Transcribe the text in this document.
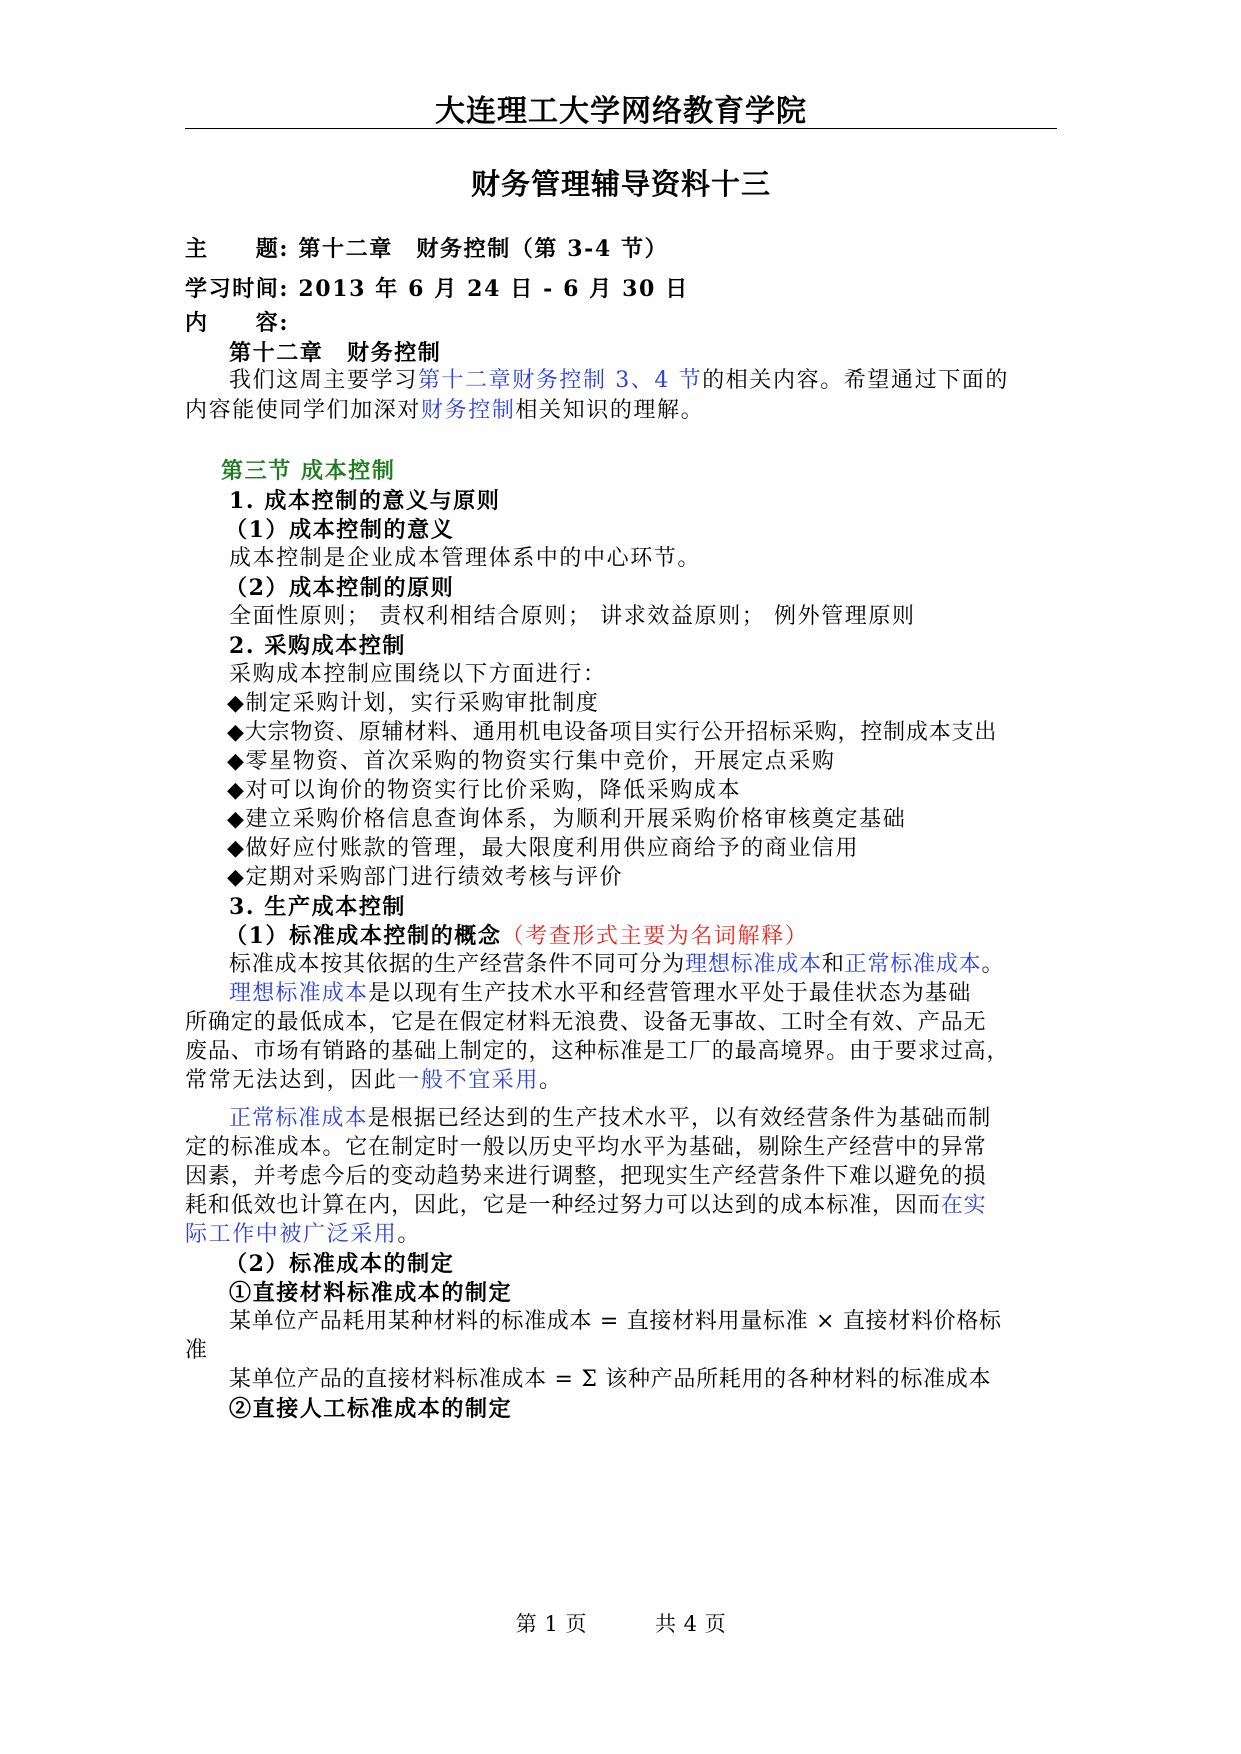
大连理工大学网络教育学院
财务管理辅导资料十三
主　　题: 第十二章　财务控制（第 3-4 节）
学习时间: 2013 年 6 月 24 日 - 6 月 30 日
内　　容:
第十二章　财务控制
我们这周主要学习第十二章财务控制 3、4 节的相关内容。希望通过下面的
内容能使同学们加深对财务控制相关知识的理解。
第三节 成本控制
1. 成本控制的意义与原则
（1）成本控制的意义
成本控制是企业成本管理体系中的中心环节。
（2）成本控制的原则
全面性原则； 责权利相结合原则； 讲求效益原则； 例外管理原则
2. 采购成本控制
采购成本控制应围绕以下方面进行：
◆制定采购计划，实行采购审批制度
◆大宗物资、原辅材料、通用机电设备项目实行公开招标采购，控制成本支出
◆零星物资、首次采购的物资实行集中竞价，开展定点采购
◆对可以询价的物资实行比价采购，降低采购成本
◆建立采购价格信息查询体系，为顺利开展采购价格审核奠定基础
◆做好应付账款的管理，最大限度利用供应商给予的商业信用
◆定期对采购部门进行绩效考核与评价
3. 生产成本控制
（1）标准成本控制的概念（考查形式主要为名词解释）
标准成本按其依据的生产经营条件不同可分为理想标准成本和正常标准成本。
理想标准成本是以现有生产技术水平和经营管理水平处于最佳状态为基础
所确定的最低成本，它是在假定材料无浪费、设备无事故、工时全有效、产品无
废品、市场有销路的基础上制定的，这种标准是工厂的最高境界。由于要求过高，
常常无法达到，因此一般不宜采用。
正常标准成本是根据已经达到的生产技术水平，以有效经营条件为基础而制
定的标准成本。它在制定时一般以历史平均水平为基础，剔除生产经营中的异常
因素，并考虑今后的变动趋势来进行调整，把现实生产经营条件下难以避免的损
耗和低效也计算在内，因此，它是一种经过努力可以达到的成本标准，因而在实
际工作中被广泛采用。
（2）标准成本的制定
①直接材料标准成本的制定
某单位产品耗用某种材料的标准成本 = 直接材料用量标准 × 直接材料价格标
准
某单位产品的直接材料标准成本 = Σ 该种产品所耗用的各种材料的标准成本
②直接人工标准成本的制定
第 1 页	共 4 页
